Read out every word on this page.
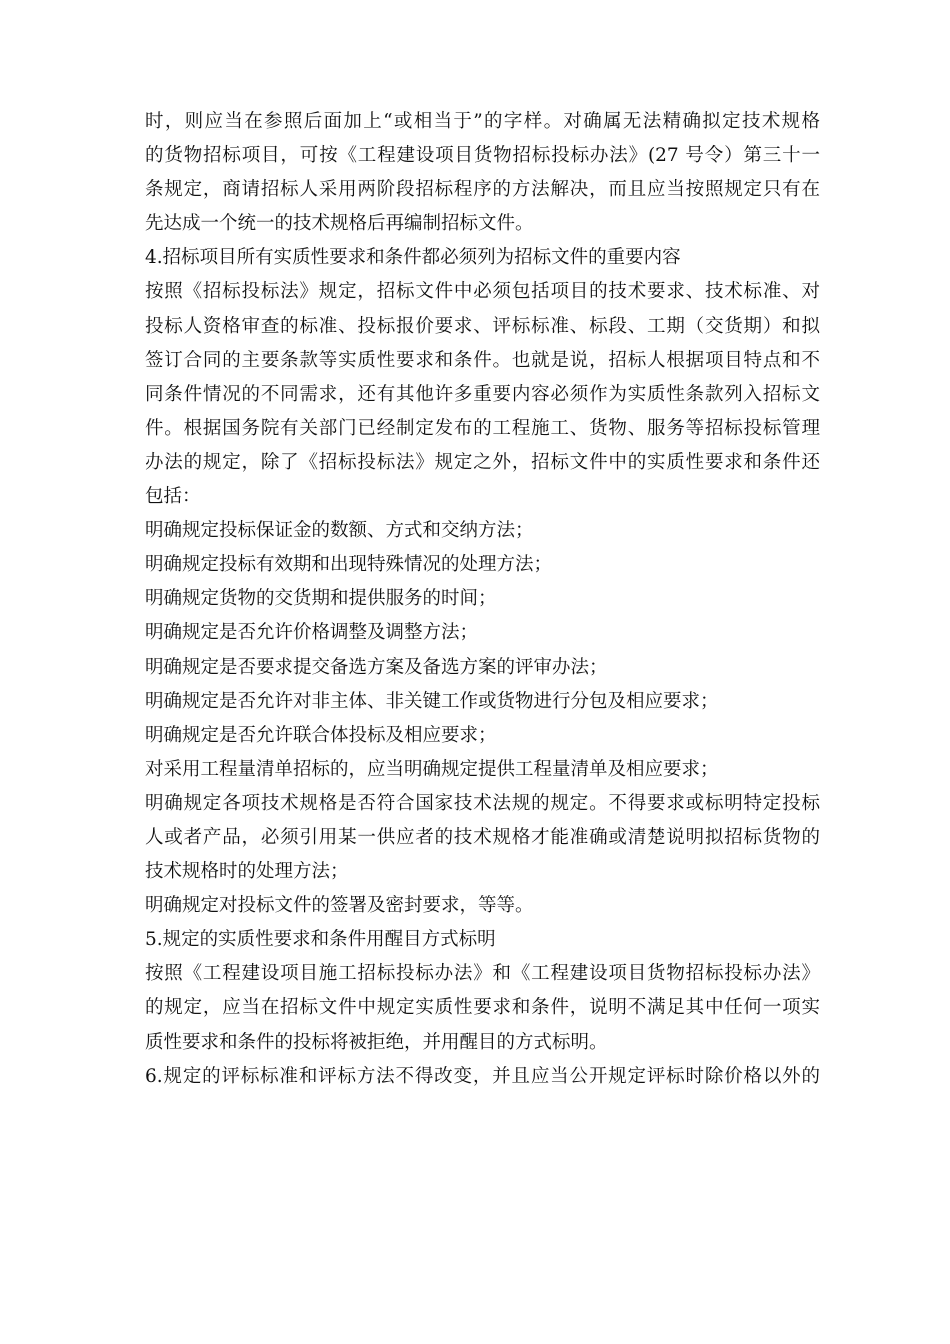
时，则应当在参照后面加上“或相当于”的字样。对确属无法精确拟定技术规格
的货物招标项目，可按《工程建设项目货物招标投标办法》(27 号令）第三十一
条规定，商请招标人采用两阶段招标程序的方法解决，而且应当按照规定只有在
先达成一个统一的技术规格后再编制招标文件。
4.招标项目所有实质性要求和条件都必须列为招标文件的重要内容
按照《招标投标法》规定，招标文件中必须包括项目的技术要求、技术标准、对
投标人资格审查的标准、投标报价要求、评标标准、标段、工期（交货期）和拟
签订合同的主要条款等实质性要求和条件。也就是说，招标人根据项目特点和不
同条件情况的不同需求，还有其他许多重要内容必须作为实质性条款列入招标文
件。根据国务院有关部门已经制定发布的工程施工、货物、服务等招标投标管理
办法的规定，除了《招标投标法》规定之外，招标文件中的实质性要求和条件还
包括：
明确规定投标保证金的数额、方式和交纳方法；
明确规定投标有效期和出现特殊情况的处理方法；
明确规定货物的交货期和提供服务的时间；
明确规定是否允许价格调整及调整方法；
明确规定是否要求提交备选方案及备选方案的评审办法；
明确规定是否允许对非主体、非关键工作或货物进行分包及相应要求；
明确规定是否允许联合体投标及相应要求；
对采用工程量清单招标的，应当明确规定提供工程量清单及相应要求；
明确规定各项技术规格是否符合国家技术法规的规定。不得要求或标明特定投标
人或者产品，必须引用某一供应者的技术规格才能准确或清楚说明拟招标货物的
技术规格时的处理方法；
明确规定对投标文件的签署及密封要求，等等。
5.规定的实质性要求和条件用醒目方式标明
按照《工程建设项目施工招标投标办法》和《工程建设项目货物招标投标办法》
的规定，应当在招标文件中规定实质性要求和条件，说明不满足其中任何一项实
质性要求和条件的投标将被拒绝，并用醒目的方式标明。
6.规定的评标标准和评标方法不得改变，并且应当公开规定评标时除价格以外的
